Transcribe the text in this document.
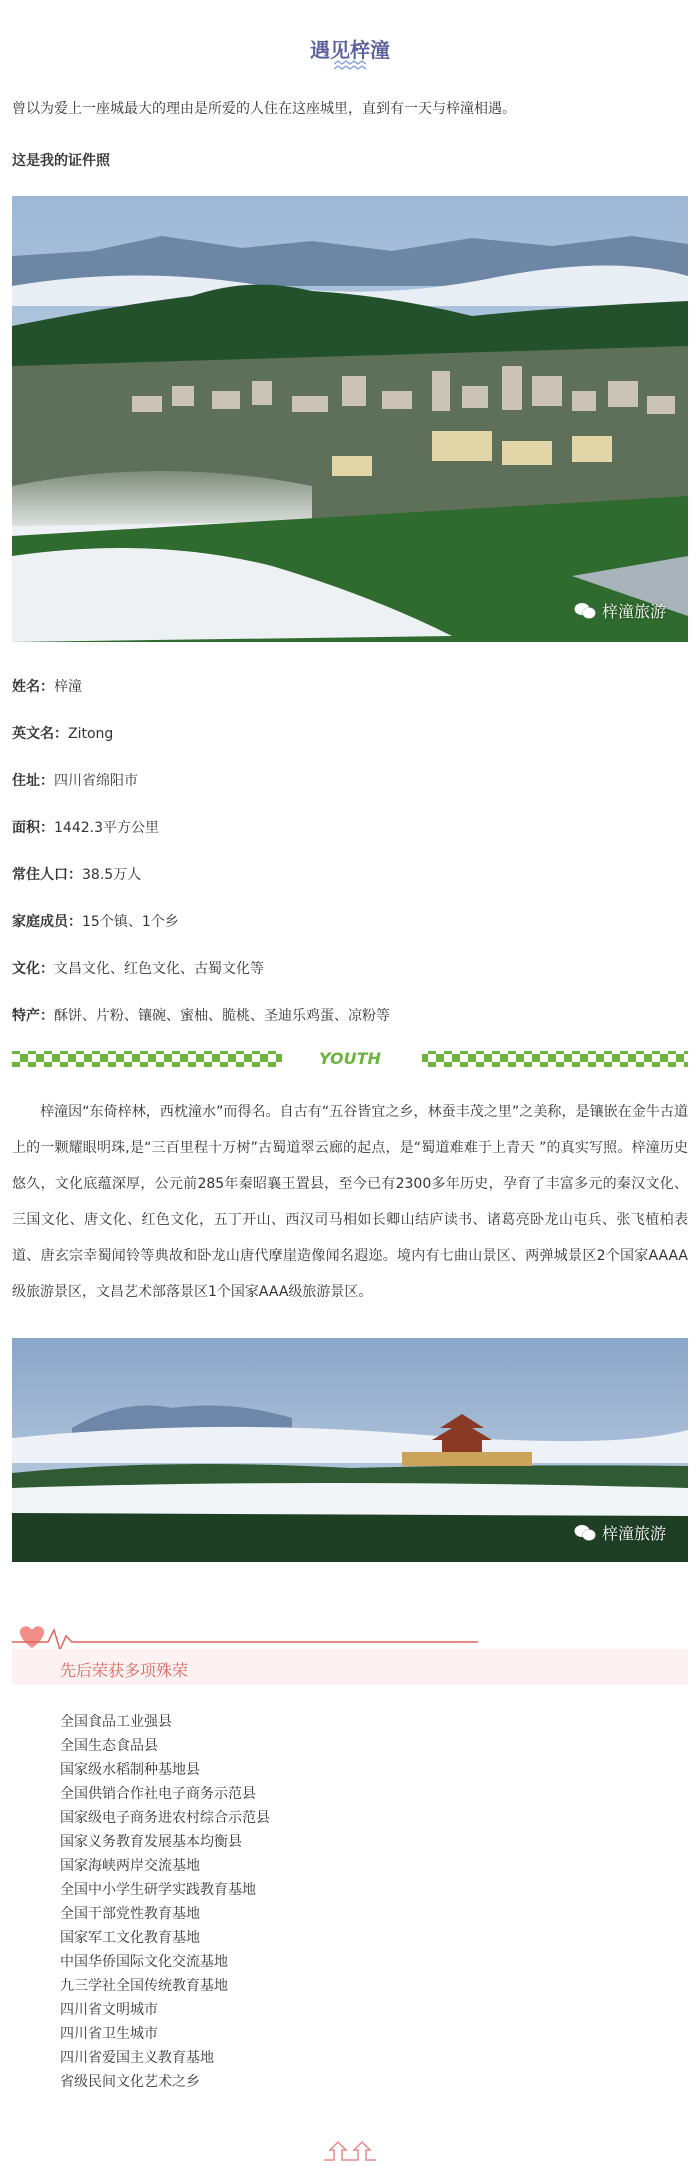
遇见梓潼
曾以为爱上一座城最大的理由是所爱的人住在这座城里，直到有一天与梓潼相遇。
这是我的证件照
梓潼旅游
姓名：梓潼
英文名：Zitong
住址：四川省绵阳市
面积：1442.3平方公里
常住人口：38.5万人
家庭成员：15个镇、1个乡
文化：文昌文化、红色文化、古蜀文化等
特产：酥饼、片粉、镶碗、蜜柚、脆桃、圣迪乐鸡蛋、凉粉等
YOUTH
梓潼因“东倚梓林，西枕潼水”而得名。自古有“五谷皆宜之乡，林蚕丰茂之里”之美称，是镶嵌在金牛古道上的一颗耀眼明珠,是“三百里程十万树”古蜀道翠云廊的起点，是“蜀道难难于上青天 ”的真实写照。梓潼历史悠久，文化底蕴深厚，公元前285年秦昭襄王置县，至今已有2300多年历史，孕育了丰富多元的秦汉文化、三国文化、唐文化、红色文化，五丁开山、西汉司马相如长卿山结庐读书、诸葛亮卧龙山屯兵、张飞植柏表道、唐玄宗幸蜀闻铃等典故和卧龙山唐代摩崖造像闻名遐迩。境内有七曲山景区、两弹城景区2个国家AAAA级旅游景区，文昌艺术部落景区1个国家AAA级旅游景区。
梓潼旅游
先后荣获多项殊荣
全国食品工业强县
全国生态食品县
国家级水稻制种基地县
全国供销合作社电子商务示范县
国家级电子商务进农村综合示范县
国家义务教育发展基本均衡县
国家海峡两岸交流基地
全国中小学生研学实践教育基地
全国干部党性教育基地
国家军工文化教育基地
中国华侨国际文化交流基地
九三学社全国传统教育基地
四川省文明城市
四川省卫生城市
四川省爱国主义教育基地
省级民间文化艺术之乡
